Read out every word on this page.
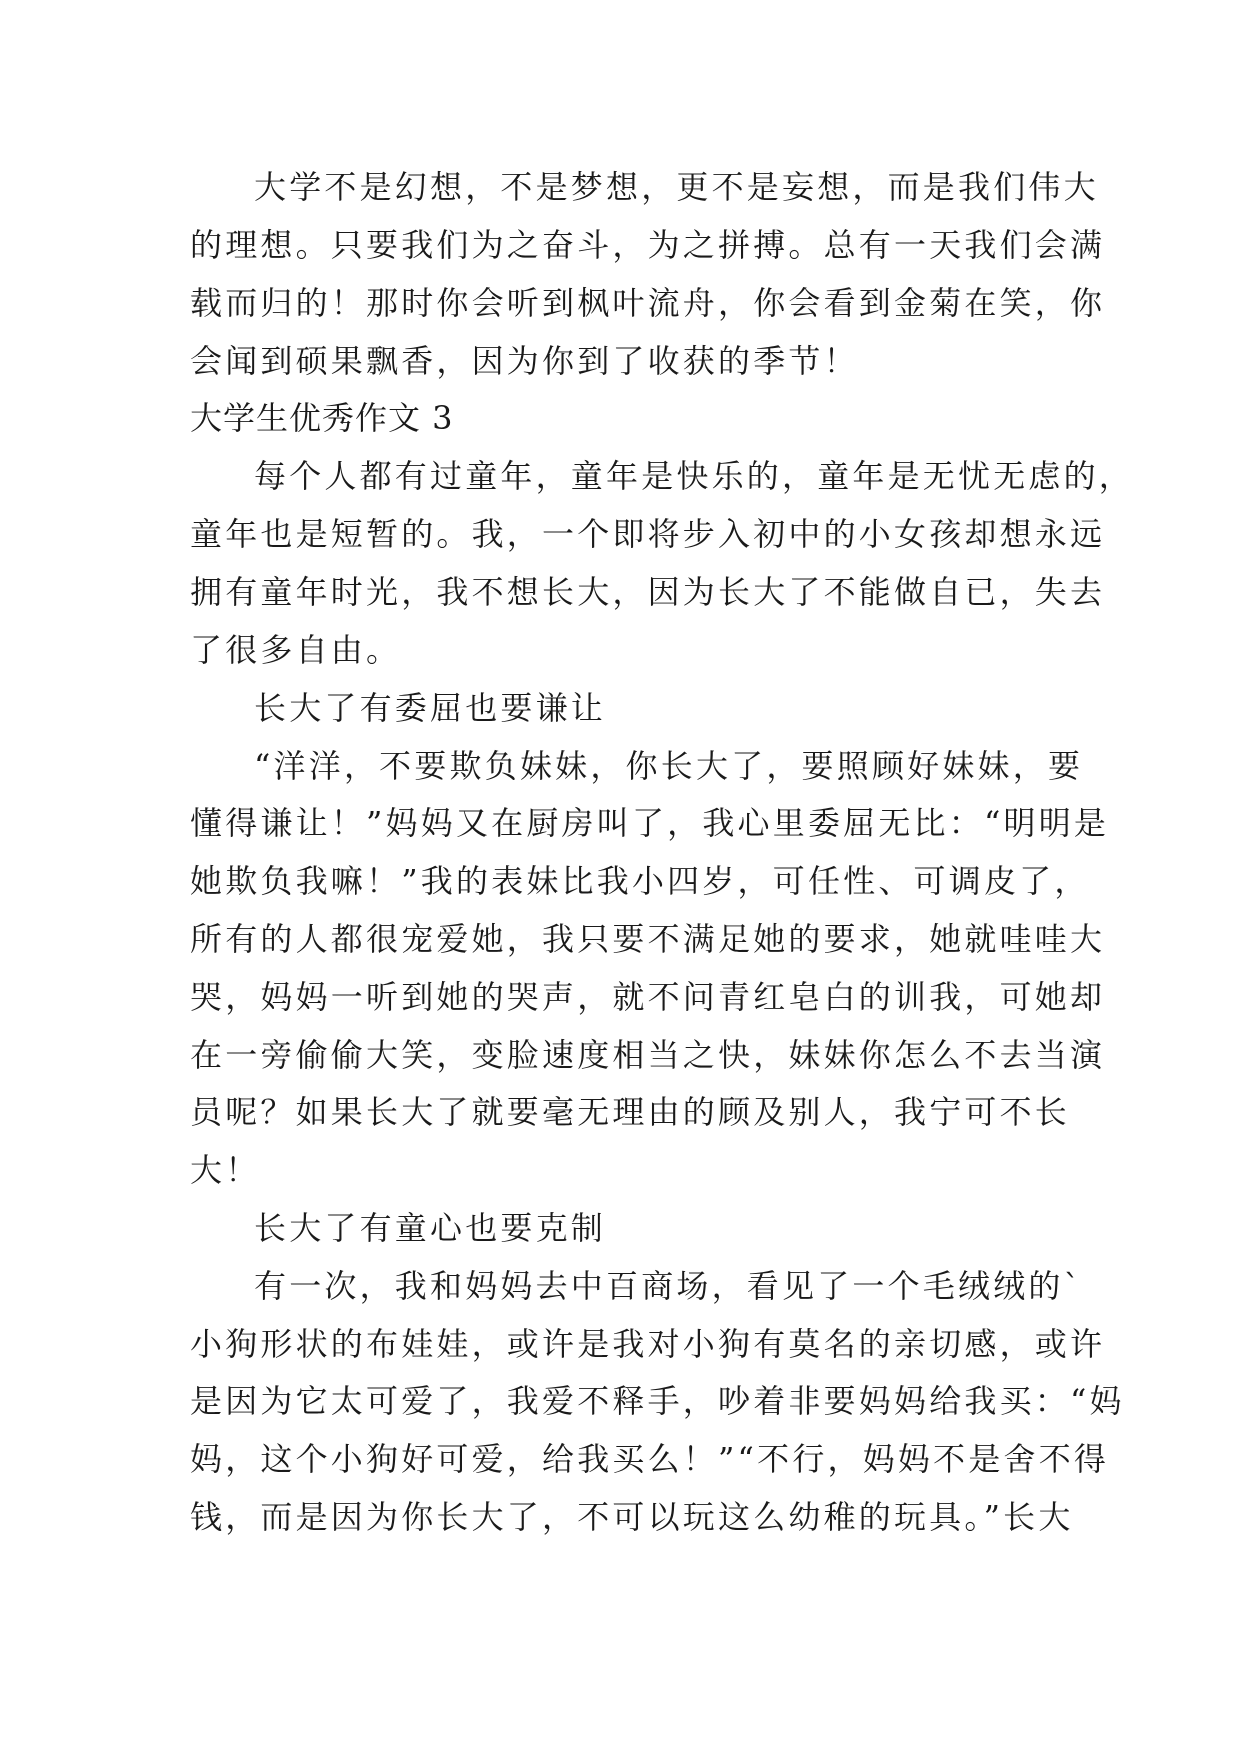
大学不是幻想，不是梦想，更不是妄想，而是我们伟大

的理想。只要我们为之奋斗，为之拼搏。总有一天我们会满

载而归的！那时你会听到枫叶流舟，你会看到金菊在笑，你

会闻到硕果飘香，因为你到了收获的季节！

大学生优秀作文 3

每个人都有过童年，童年是快乐的，童年是无忧无虑的，

童年也是短暂的。我，一个即将步入初中的小女孩却想永远

拥有童年时光，我不想长大，因为长大了不能做自已，失去

了很多自由。

长大了有委屈也要谦让

“洋洋，不要欺负妹妹，你长大了，要照顾好妹妹，要

懂得谦让！”妈妈又在厨房叫了，我心里委屈无比：“明明是

她欺负我嘛！”我的表妹比我小四岁，可任性、可调皮了，

所有的人都很宠爱她，我只要不满足她的要求，她就哇哇大

哭，妈妈一听到她的哭声，就不问青红皂白的训我，可她却

在一旁偷偷大笑，变脸速度相当之快，妹妹你怎么不去当演

员呢？如果长大了就要毫无理由的顾及别人，我宁可不长

大！

长大了有童心也要克制

有一次，我和妈妈去中百商场，看见了一个毛绒绒的`

小狗形状的布娃娃，或许是我对小狗有莫名的亲切感，或许

是因为它太可爱了，我爱不释手，吵着非要妈妈给我买：“妈

妈，这个小狗好可爱，给我买么！”“不行，妈妈不是舍不得

钱，而是因为你长大了，不可以玩这么幼稚的玩具。”长大
